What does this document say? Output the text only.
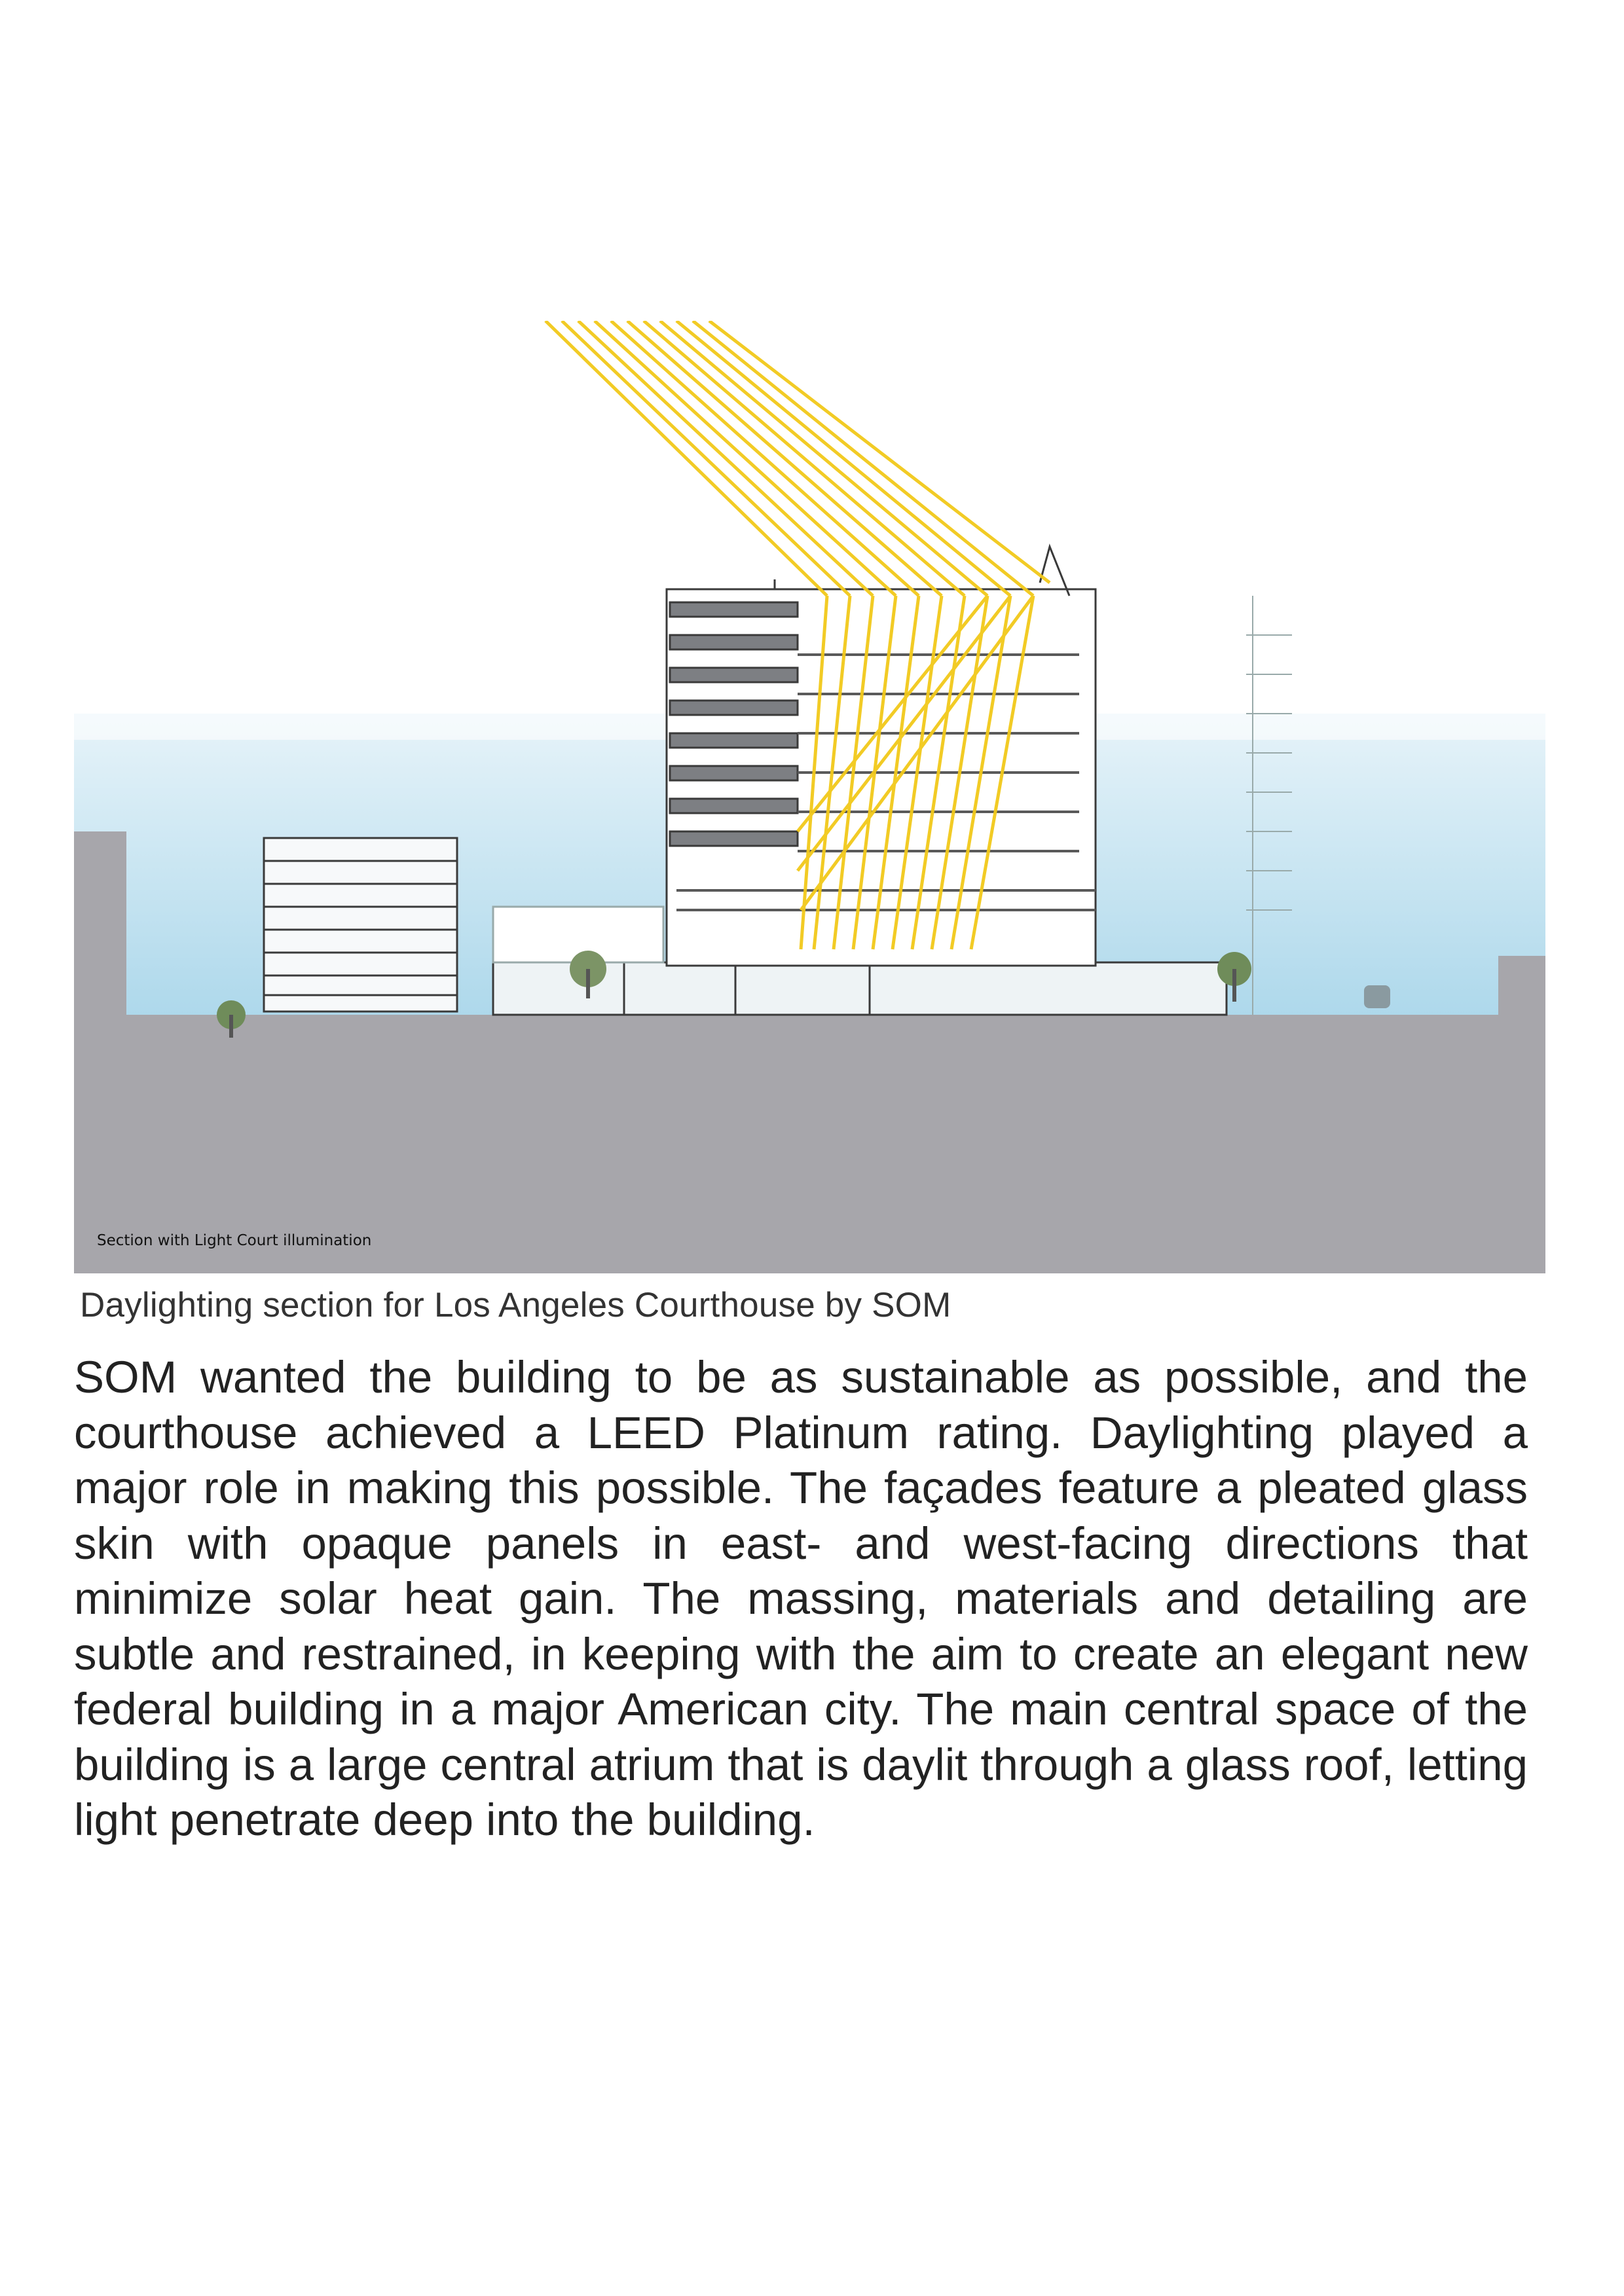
Section with Light Court illumination
Daylighting section for Los Angeles Courthouse by SOM

SOM wanted the building to be as sustainable as possible, and the courthouse achieved a LEED Platinum rating. Daylighting played a major role in making this possible. The façades feature a pleated glass skin with opaque panels in east- and west-facing directions that minimize solar heat gain. The massing, materials and detailing are subtle and restrained, in keeping with the aim to create an elegant new federal building in a major American city. The main central space of the building is a large central atrium that is daylit through a glass roof, letting light penetrate deep into the building.
